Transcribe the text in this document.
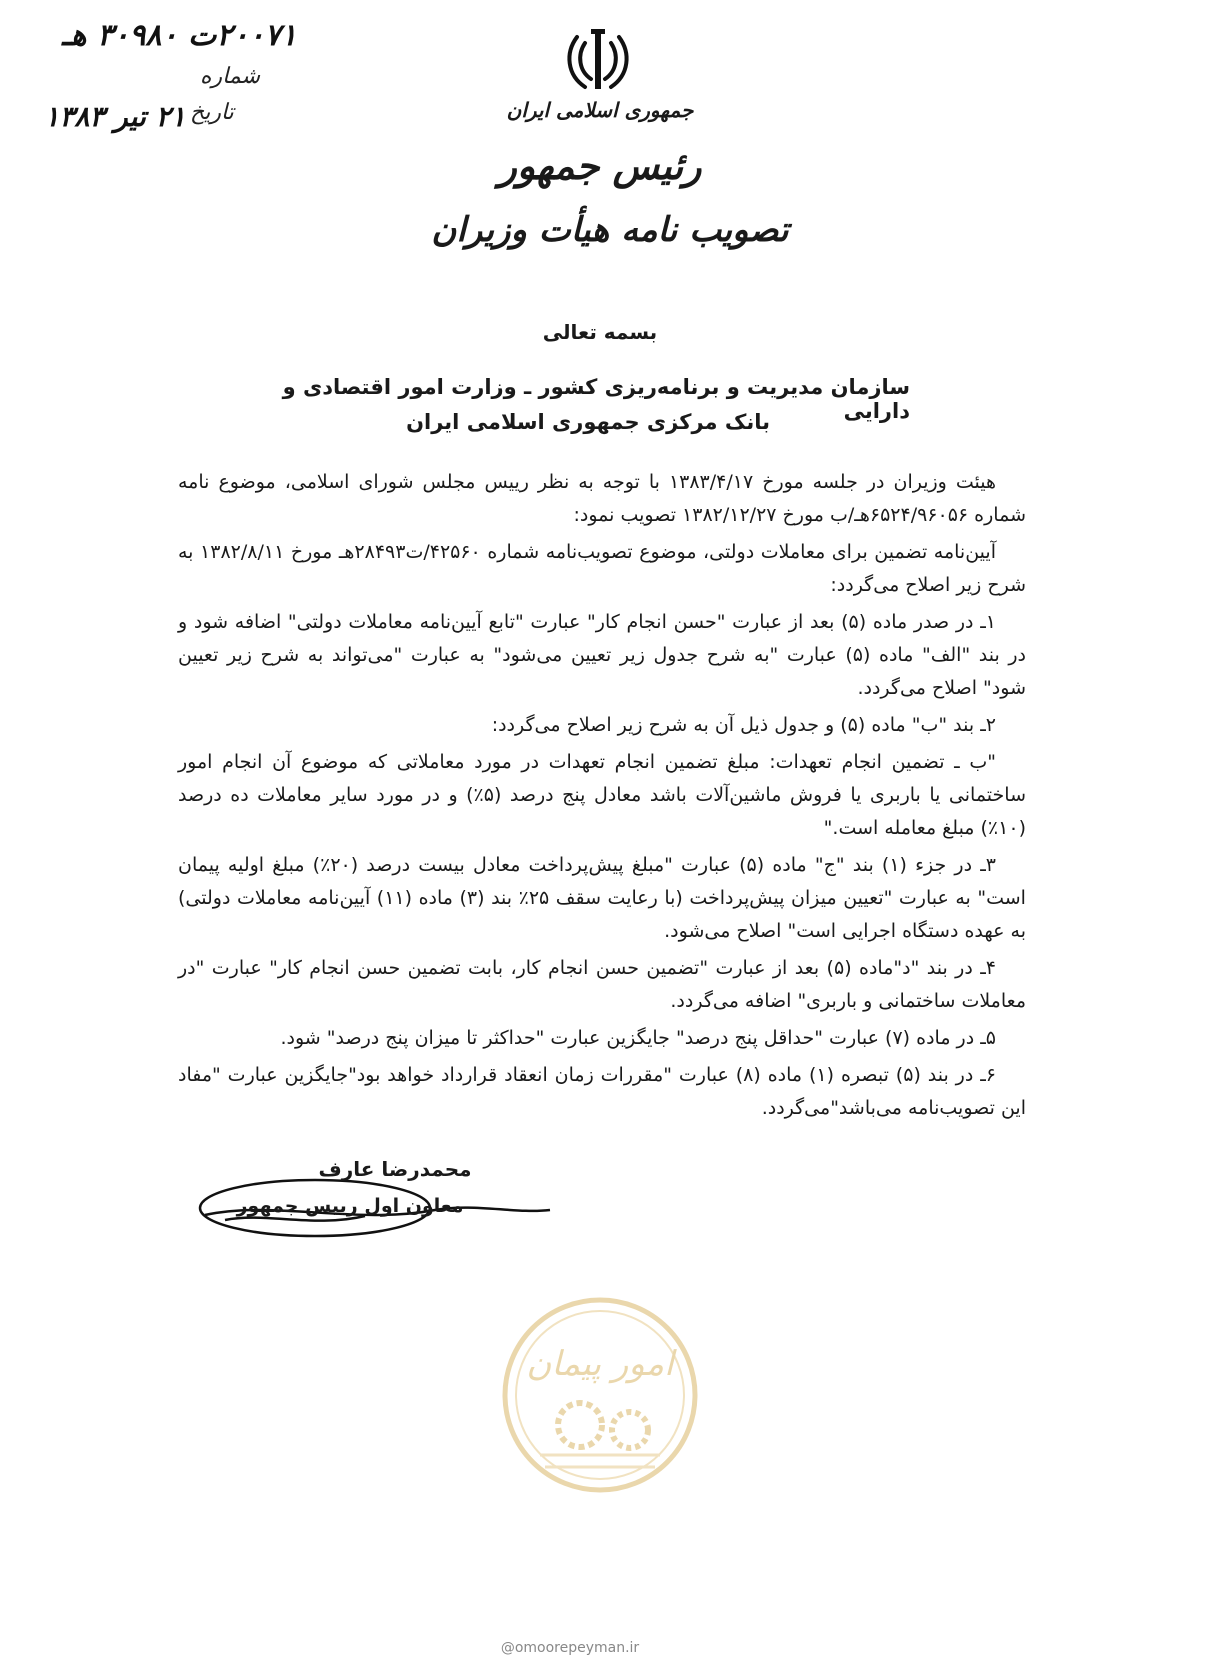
۲۰۰۷۱ت ۳۰۹۸۰ هـ
شماره
تاریخ
۲۱ تیر ۱۳۸۳	جمهوری اسلامی ایران
رئیس جمهور
تصویب نامه هیأت وزیران
بسمه تعالی
سازمان مدیریت و برنامه‌ریزی کشور ـ وزارت امور اقتصادی و دارایی
بانک مرکزی جمهوری اسلامی ایران

هیئت وزیران در جلسه مورخ ۱۳۸۳/۴/۱۷ با توجه به نظر رییس مجلس شورای اسلامی، موضوع نامه شماره ۶۵۲۴/۹۶۰۵۶هـ/ب مورخ ۱۳۸۲/۱۲/۲۷ تصویب نمود:

آیین‌نامه تضمین برای معاملات دولتی، موضوع تصویب‌نامه شماره ۴۲۵۶۰/ت۲۸۴۹۳هـ مورخ ۱۳۸۲/۸/۱۱ به شرح زیر اصلاح می‌گردد:

۱ـ در صدر ماده (۵) بعد از عبارت "حسن انجام کار" عبارت "تابع آیین‌نامه معاملات دولتی" اضافه شود و در بند "الف" ماده (۵) عبارت "به شرح جدول زیر تعیین می‌شود" به عبارت "می‌تواند به شرح زیر تعیین شود" اصلاح می‌گردد.

۲ـ بند "ب" ماده (۵) و جدول ذیل آن به شرح زیر اصلاح می‌گردد:

"ب ـ تضمین انجام تعهدات: مبلغ تضمین انجام تعهدات در مورد معاملاتی که موضوع آن انجام امور ساختمانی یا باربری یا فروش ماشین‌آلات باشد معادل پنج درصد (۵٪) و در مورد سایر معاملات ده درصد (۱۰٪) مبلغ معامله است."

۳ـ در جزء (۱) بند "ج" ماده (۵) عبارت "مبلغ پیش‌پرداخت معادل بیست درصد (۲۰٪) مبلغ اولیه پیمان است" به عبارت "تعیین میزان پیش‌پرداخت (با رعایت سقف ۲۵٪ بند (۳) ماده (۱۱) آیین‌نامه معاملات دولتی) به عهده دستگاه اجرایی است" اصلاح می‌شود.

۴ـ در بند "د"ماده (۵) بعد از عبارت "تضمین حسن انجام کار، بابت تضمین حسن انجام کار" عبارت "در معاملات ساختمانی و باربری" اضافه می‌گردد.

۵ـ در ماده (۷) عبارت "حداقل پنج درصد" جایگزین عبارت "حداکثر تا میزان پنج درصد" شود.

۶ـ در بند (۵) تبصره (۱) ماده (۸) عبارت "مقررات زمان انعقاد قرارداد خواهد بود"جایگزین عبارت "مفاد این تصویب‌نامه می‌باشد"می‌گردد.

محمدرضا عارف
معاون اول رییس جمهور
امور پیمان
@omoorepeyman.ir
